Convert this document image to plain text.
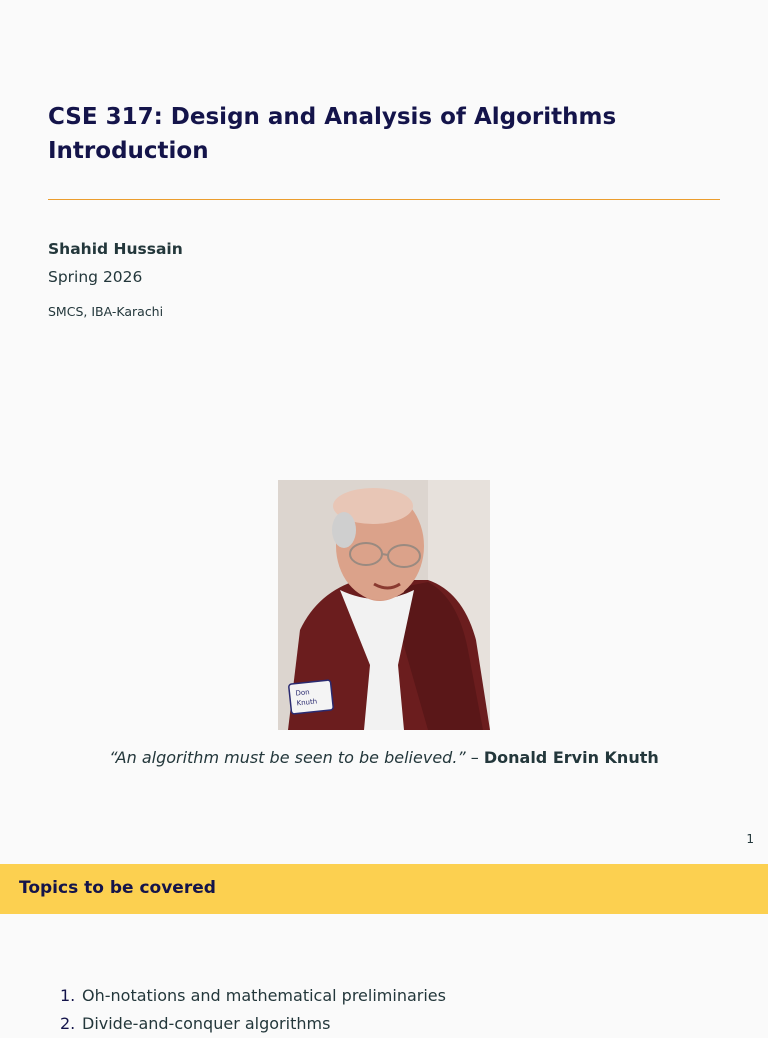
CSE 317: Design and Analysis of Algorithms
Introduction
Shahid Hussain
Spring 2026
SMCS, IBA-Karachi
Don
Knuth
“An algorithm must be seen to be believed.” – Donald Ervin Knuth
1
Topics to be covered
1. Oh-notations and mathematical preliminaries
2. Divide-and-conquer algorithms
